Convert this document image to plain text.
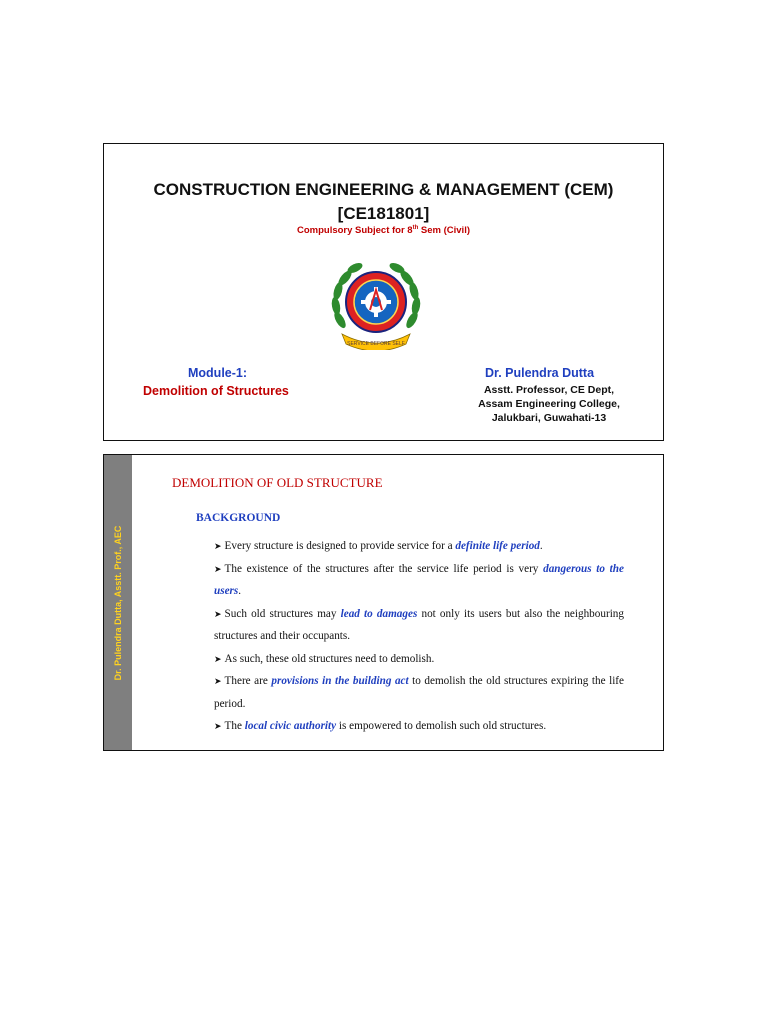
CONSTRUCTION ENGINEERING & MANAGEMENT (CEM)
[CE181801]
Compulsory Subject for 8th Sem (Civil)
SERVICE BEFORE SELF
Module-1:
Demolition of Structures
Dr. Pulendra Dutta
Asstt. Professor, CE Dept,
Assam Engineering College,
Jalukbari, Guwahati-13
Dr. Pulendra Dutta, Asstt. Prof., AEC
DEMOLITION OF OLD STRUCTURE
BACKGROUND
➤ Every structure is designed to provide service for a definite life period.
➤ The existence of the structures after the service life period is very dangerous to the users.
➤ Such old structures may lead to damages not only its users but also the neighbouring structures and their occupants.
➤ As such, these old structures need to demolish.
➤ There are provisions in the building act to demolish the old structures expiring the life period.
➤ The local civic authority is empowered to demolish such old structures.
